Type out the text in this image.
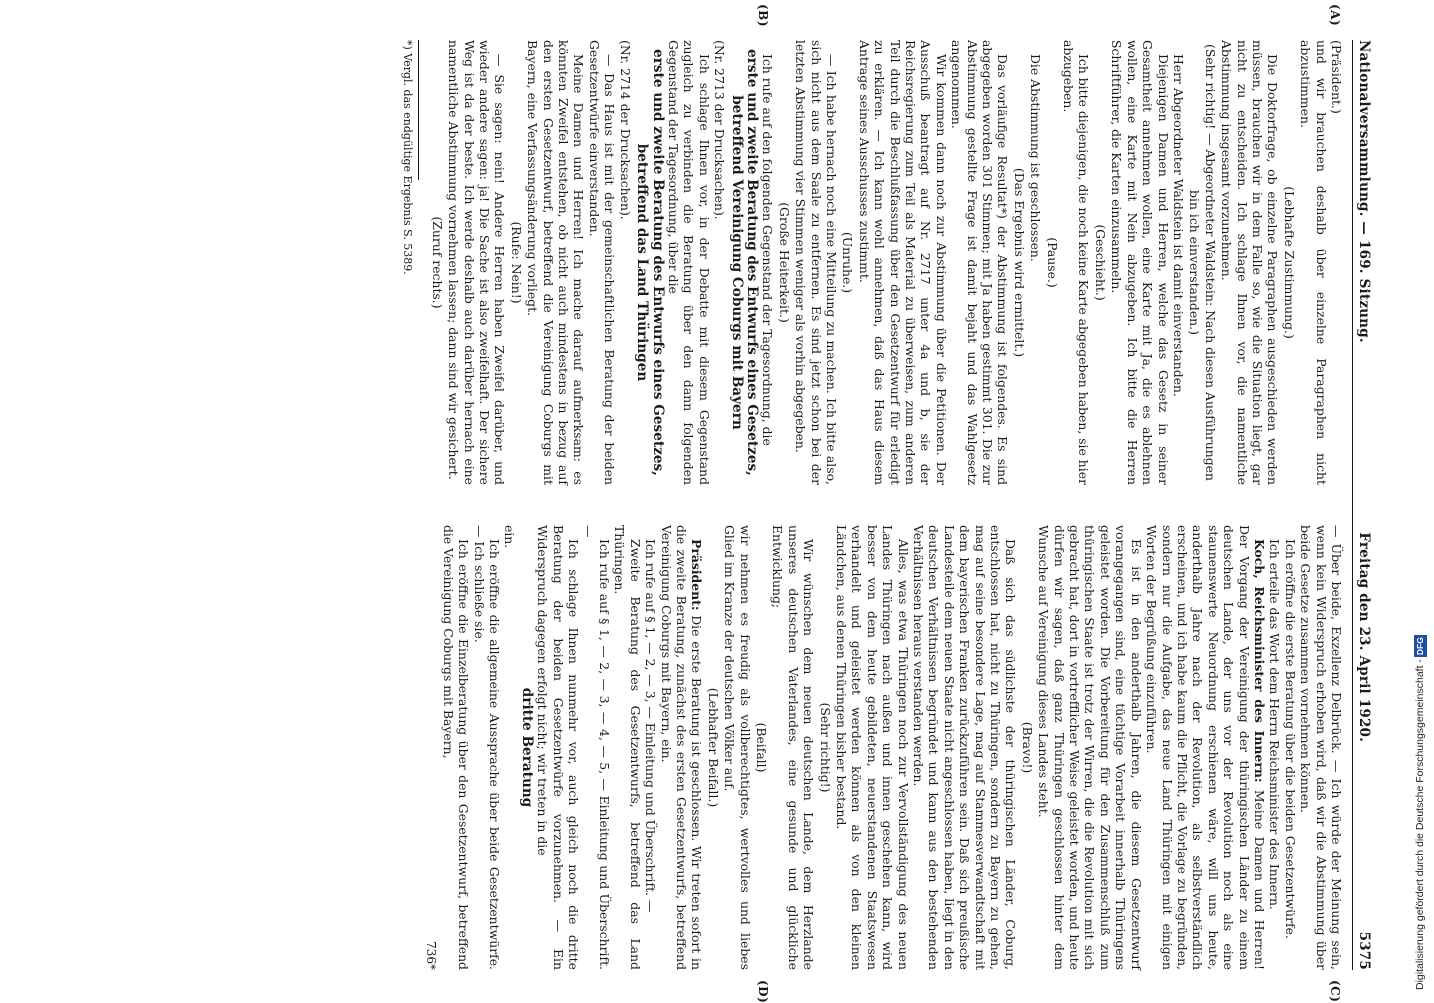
Nationalversammlung. — 169. Sitzung.
Freitag den 23. April 1920.
5375
(A)
(B)
(C)
(D)

(Präsident.)

und wir brauchen deshalb über einzelne Paragraphen nicht abzustimmen.

(Lebhafte Zustimmung.)

Die Doktorfrage, ob einzelne Paragraphen ausgeschieden werden müssen, brauchen wir in dem Falle so, wie die Situation liegt, gar nicht zu entscheiden. Ich schlage Ihnen vor, die namentliche Abstimmung insgesamt vorzunehmen.

(Sehr richtig! — Abgeordneter Waldstein: Nach diesen Ausführungen bin ich einverstanden.)

Herr Abgeordneter Waldstein ist damit einverstanden.

Diejenigen Damen und Herren, welche das Gesetz in seiner Gesamtheit annehmen wollen, eine Karte mit Ja, die es ablehnen wollen, eine Karte mit Nein abzugeben. Ich bitte die Herren Schriftführer, die Karten einzusammeln.

(Geschieht.)

Ich bitte diejenigen, die noch keine Karte abgegeben haben, sie hier abzugeben.

(Pause.)

Die Abstimmung ist geschlossen.

(Das Ergebnis wird ermittelt.)

Das vorläufige Resultat*) der Abstimmung ist folgendes. Es sind abgegeben worden 301 Stimmen; mit Ja haben gestimmt 301. Die zur Abstimmung gestellte Frage ist damit bejaht und das Wahlgesetz angenommen.

Wir kommen dann noch zur Abstimmung über die Petitionen. Der Ausschuß beantragt auf Nr. 2717 unter 4a und b, sie der Reichsregierung zum Teil als Material zu überweisen, zum anderen Teil durch die Beschlußfassung über den Gesetzentwurf für erledigt zu erklären. — Ich kann wohl annehmen, daß das Haus diesem Antrage seines Ausschusses zustimmt.

(Unruhe.)

— Ich habe hernach noch eine Mitteilung zu machen. Ich bitte also, sich nicht aus dem Saale zu entfernen. Es sind jetzt schon bei der letzten Abstimmung vier Stimmen weniger als vorhin abgegeben.

(Große Heiterkeit.)

Ich rufe auf den folgenden Gegenstand der Tagesordnung, die

erste und zweite Beratung des Entwurfs eines Gesetzes, betreffend Vereinigung Coburgs mit Bayern

(Nr. 2713 der Drucksachen).

Ich schlage Ihnen vor, in der Debatte mit diesem Gegenstand zugleich zu verbinden die Beratung über den dann folgenden Gegenstand der Tagesordnung, über die

erste und zweite Beratung des Entwurfs eines Gesetzes, betreffend das Land Thüringen

(Nr. 2714 der Drucksachen).

— Das Haus ist mit der gemeinschaftlichen Beratung der beiden Gesetzentwürfe einverstanden.

Meine Damen und Herren! Ich mache darauf aufmerksam: es könnten Zweifel entstehen, ob nicht auch mindestens in bezug auf den ersten Gesetzentwurf, betreffend die Vereinigung Coburgs mit Bayern, eine Verfassungsänderung vorliegt.

(Rufe: Nein!)

— Sie sagen: nein! Andere Herren haben Zweifel darüber, und wieder andere sagen: ja! Die Sache ist also zweifelhaft. Der sichere Weg ist da der beste. Ich werde deshalb auch darüber hernach eine namentliche Abstimmung vornehmen lassen; dann sind wir gesichert.

(Zuruf rechts.)

*) Vergl. das endgültige Ergebnis S. 5389.

— Über beide, Exzellenz Delbrück. — Ich würde der Meinung sein, wenn kein Widerspruch erhoben wird, daß wir die Abstimmung über beide Gesetze zusammen vornehmen können.

Ich eröffne die erste Beratung über die beiden Gesetzentwürfe.

Ich erteile das Wort dem Herrn Reichsminister des Innern.

Koch, Reichsminister des Innern: Meine Damen und Herren! Der Vorgang der Vereinigung der thüringischen Länder zu einem deutschen Lande, der uns vor der Revolution noch als eine staunenswerte Neuordnung erschienen wäre, will uns heute, anderthalb Jahre nach der Revolution, als selbstverständlich erscheinen, und ich habe kaum die Pflicht, die Vorlage zu begründen, sondern nur die Aufgabe, das neue Land Thüringen mit einigen Worten der Begrüßung einzuführen.

Es ist in den anderthalb Jahren, die diesem Gesetzentwurf vorangegangen sind, eine tüchtige Vorarbeit innerhalb Thüringens geleistet worden. Die Vorbereitung für den Zusammenschluß zum thüringischen Staate ist trotz der Wirren, die die Revolution mit sich gebracht hat, dort in vortrefflicher Weise geleistet worden, und heute dürfen wir sagen, daß ganz Thüringen geschlossen hinter dem Wunsche auf Vereinigung dieses Landes steht.

(Bravo!)

Daß sich das südlichste der thüringischen Länder, Coburg, entschlossen hat, nicht zu Thüringen, sondern zu Bayern zu gehen, mag auf seine besondere Lage, mag auf Stammesverwandtschaft mit dem bayerischen Franken zurückzuführen sein. Daß sich preußische Landesteile dem neuen Staate nicht angeschlossen haben, liegt in den deutschen Verhältnissen begründet und kann aus den bestehenden Verhältnissen heraus verstanden werden.

Alles, was etwa Thüringen noch zur Vervollständigung des neuen Landes Thüringen nach außen und innen geschehen kann, wird besser von dem heute gebildeten, neuerstandenen Staatswesen verhandelt und geleistet werden können als von den kleinen Ländchen, aus denen Thüringen bisher bestand.

(Sehr richtig!)

Wir wünschen dem neuen deutschen Lande, dem Herzlande unseres deutschen Vaterlandes, eine gesunde und glückliche Entwicklung;

(Beifall)

wir nehmen es freudig als vollberechtigtes, wertvolles und liebes Glied im Kranze der deutschen Völker auf.

(Lebhafter Beifall.)

Präsident: Die erste Beratung ist geschlossen. Wir treten sofort in die zweite Beratung, zunächst des ersten Gesetzentwurfs, betreffend Vereinigung Coburgs mit Bayern, ein.

Ich rufe auf § 1, — 2, — 3, — Einleitung und Überschrift. —

Zweite Beratung des Gesetzentwurfs, betreffend das Land Thüringen.

Ich rufe auf § 1, — 2, — 3, — 4, — 5, — Einleitung und Überschrift. —

Ich schlage Ihnen nunmehr vor, auch gleich noch die dritte Beratung der beiden Gesetzentwürfe vorzunehmen. — Ein Widerspruch dagegen erfolgt nicht; wir treten in die

dritte Beratung

ein.

Ich eröffne die allgemeine Aussprache über beide Gesetzentwürfe. — Ich schließe sie.

Ich eröffne die Einzelberatung über den Gesetzentwurf, betreffend die Vereinigung Coburgs mit Bayern,

736*	Digitalisierung gefördert durch die Deutsche Forschungsgemeinschaft -DFG
